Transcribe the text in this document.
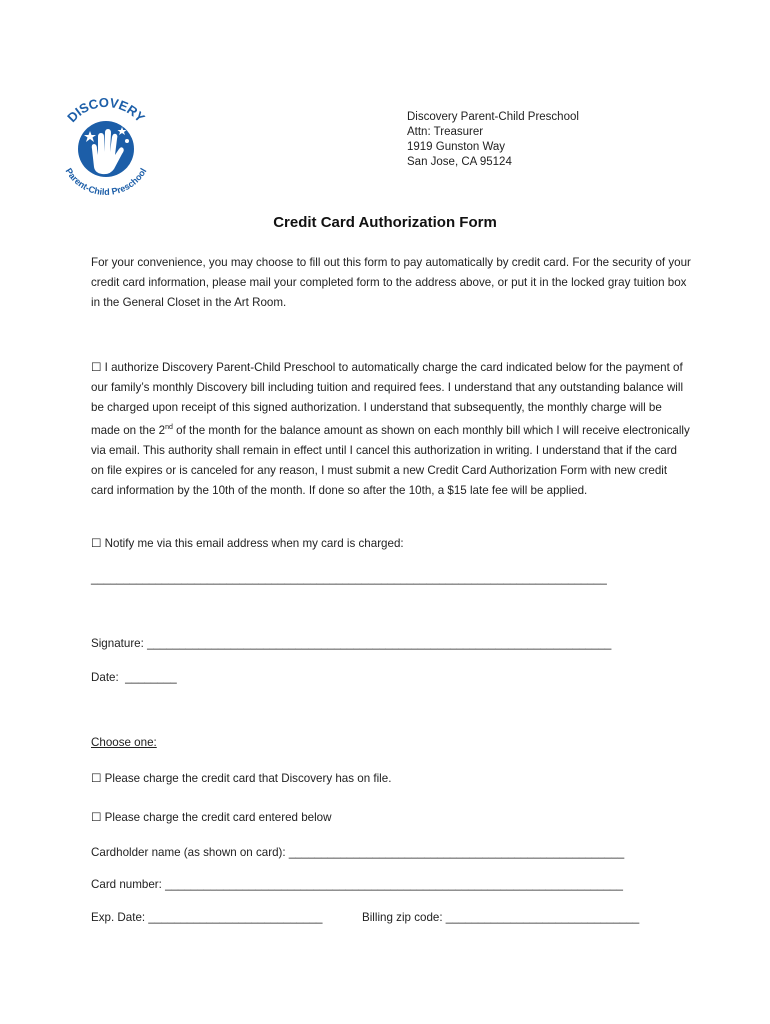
DISCOVERY
Parent-Child Preschool
Discovery Parent-Child Preschool
Attn: Treasurer
1919 Gunston Way
San Jose, CA 95124
Credit Card Authorization Form
For your convenience, you may choose to fill out this form to pay automatically by credit card. For the security of your credit card information, please mail your completed form to the address above, or put it in the locked gray tuition box in the General Closet in the Art Room.
☐ I authorize Discovery Parent-Child Preschool to automatically charge the card indicated below for the payment of our family’s monthly Discovery bill including tuition and required fees. I understand that any outstanding balance will be charged upon receipt of this signed authorization. I understand that subsequently, the monthly charge will be made on the 2nd of the month for the balance amount as shown on each monthly bill which I will receive electronically via email. This authority shall remain in effect until I cancel this authorization in writing. I understand that if the card on file expires or is canceled for any reason, I must submit a new Credit Card Authorization Form with new credit card information by the 10th of the month. If done so after the 10th, a $15 late fee will be applied.
☐ Notify me via this email address when my card is charged:
________________________________________________________________________________
Signature: ________________________________________________________________________
Date: ________
Choose one:
☐ Please charge the credit card that Discovery has on file.
☐ Please charge the credit card entered below
Cardholder name (as shown on card): ____________________________________________________
Card number: _______________________________________________________________________
Exp. Date: ___________________________	Billing zip code: ______________________________
